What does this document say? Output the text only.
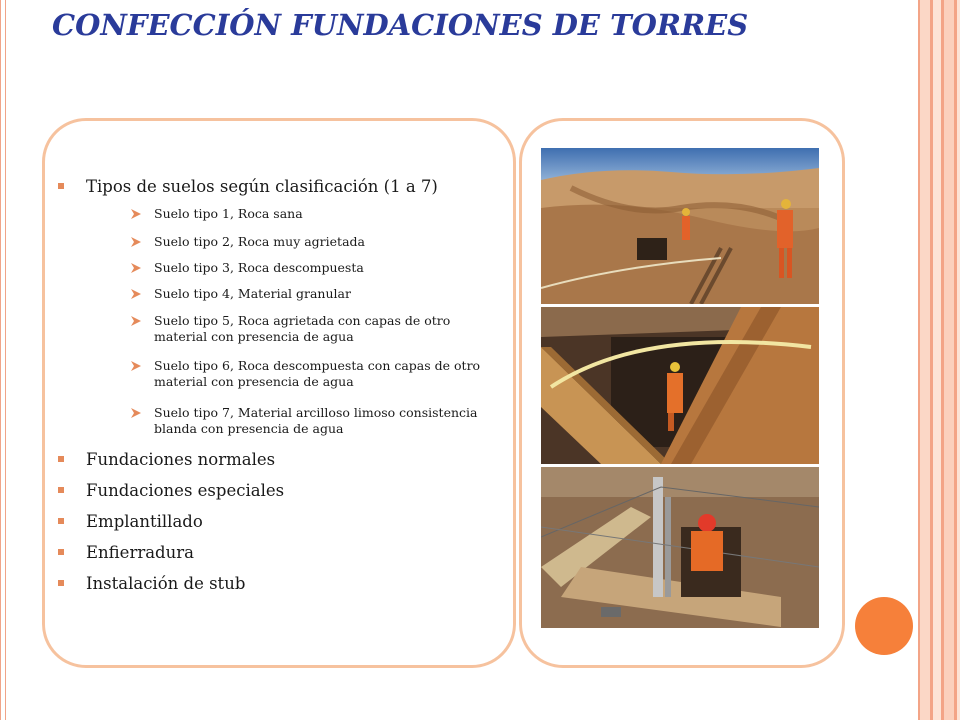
CONFECCIÓN FUNDACIONES DE TORRES
Tipos de suelos según clasificación (1 a 7)
Suelo tipo 1, Roca sana
Suelo tipo 2, Roca muy agrietada
Suelo tipo 3, Roca descompuesta
Suelo tipo 4, Material granular
Suelo tipo 5, Roca agrietada con capas de otro material con presencia de agua
Suelo tipo 6, Roca descompuesta con capas de otro material con presencia de agua
Suelo tipo 7, Material arcilloso limoso consistencia blanda con presencia de agua
Fundaciones normales
Fundaciones especiales
Emplantillado
Enfierradura
Instalación de stub
